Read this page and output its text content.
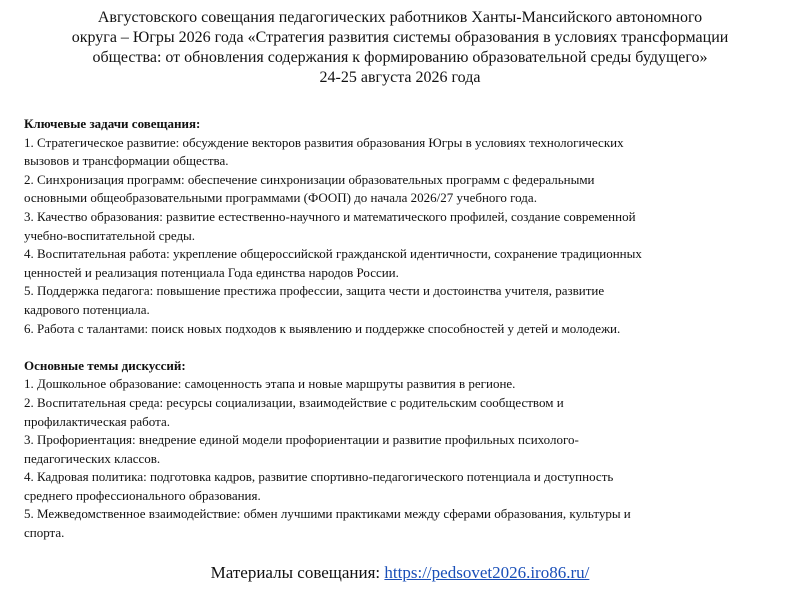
Августовского совещания педагогических работников Ханты-Мансийского автономного
округа – Югры 2026 года «Стратегия развития системы образования в условиях трансформации
общества: от обновления содержания к формированию образовательной среды будущего»
24-25 августа 2026 года
Ключевые задачи совещания:
1. Стратегическое развитие: обсуждение векторов развития образования Югры в условиях технологических
вызовов и трансформации общества.
2. Синхронизация программ: обеспечение синхронизации образовательных программ с федеральными
основными общеобразовательными программами (ФООП) до начала 2026/27 учебного года.
3. Качество образования: развитие естественно-научного и математического профилей, создание современной
учебно-воспитательной среды.
4. Воспитательная работа: укрепление общероссийской гражданской идентичности, сохранение традиционных
ценностей и реализация потенциала Года единства народов России.
5. Поддержка педагога: повышение престижа профессии, защита чести и достоинства учителя, развитие
кадрового потенциала.
6. Работа с талантами: поиск новых подходов к выявлению и поддержке способностей у детей и молодежи.
Основные темы дискуссий:
1. Дошкольное образование: самоценность этапа и новые маршруты развития в регионе.
2. Воспитательная среда: ресурсы социализации, взаимодействие с родительским сообществом и
профилактическая работа.
3. Профориентация: внедрение единой модели профориентации и развитие профильных психолого-
педагогических классов.
4. Кадровая политика: подготовка кадров, развитие спортивно-педагогического потенциала и доступность
среднего профессионального образования.
5. Межведомственное взаимодействие: обмен лучшими практиками между сферами образования, культуры и
спорта.
Материалы совещания: https://pedsovet2026.iro86.ru/
